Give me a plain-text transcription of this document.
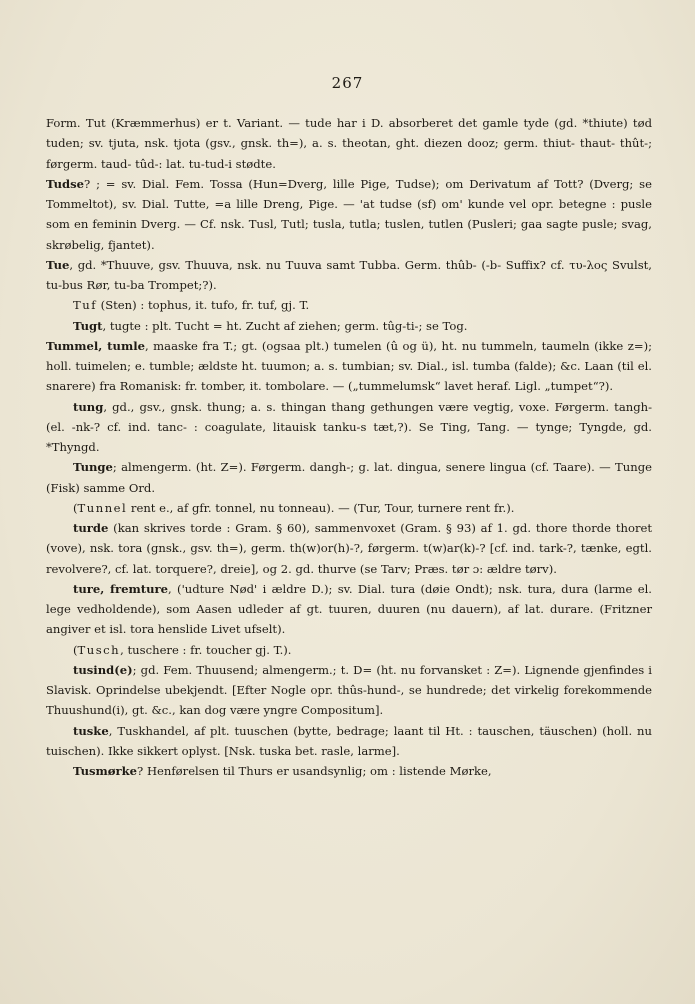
267

Form. Tut (Kræmmerhus) er t. Variant. — tude har i D. absorberet det gamle tyde (gd. *thiute) tød tuden; sv. tjuta, nsk. tjota (gsv., gnsk. th=), a. s. theotan, ght. diezen dooz; germ. thiut- thaut- thût-; førgerm. taud- tûd-: lat. tu-tud-i stødte.

Tudse? ; = sv. Dial. Fem. Tossa (Hun=Dverg, lille Pige, Tudse); om Derivatum af Tott? (Dverg; se Tommeltot), sv. Dial. Tutte, =a lille Dreng, Pige. — 'at tudse (sf) om' kunde vel opr. betegne : pusle som en feminin Dverg. — Cf. nsk. Tusl, Tutl; tusla, tutla; tuslen, tutlen (Pusleri; gaa sagte pusle; svag, skrøbelig, fjantet).

Tue, gd. *Thuuve, gsv. Thuuva, nsk. nu Tuuva samt Tubba. Germ. thûb- (-b- Suffix? cf. τυ-λος Svulst, tu-bus Rør, tu-ba Trompet;?).

Tuf (Sten) : tophus, it. tufo, fr. tuf, gj. T.

Tugt, tugte : plt. Tucht = ht. Zucht af ziehen; germ. tûg-ti-; se Tog.

Tummel, tumle, maaske fra T.; gt. (ogsaa plt.) tumelen (û og ü), ht. nu tummeln, taumeln (ikke z=); holl. tuimelen; e. tumble; ældste ht. tuumon; a. s. tumbian; sv. Dial., isl. tumba (falde); &c. Laan (til el. snarere) fra Romanisk: fr. tomber, it. tombolare. — („tummelumsk“ lavet heraf. Ligl. „tumpet“?).

tung, gd., gsv., gnsk. thung; a. s. thingan thang gethungen være vegtig, voxe. Førgerm. tangh- (el. -nk-? cf. ind. tanc- : coagulate, litauisk tanku-s tæt,?). Se Ting, Tang. — tynge; Tyngde, gd. *Thyngd.

Tunge; almengerm. (ht. Z=). Førgerm. dangh-; g. lat. dingua, senere lingua (cf. Taare). — Tunge (Fisk) samme Ord.

(Tunnel rent e., af gfr. tonnel, nu tonneau). — (Tur, Tour, turnere rent fr.).

turde (kan skrives torde : Gram. § 60), sammenvoxet (Gram. § 93) af 1. gd. thore thorde thoret (vove), nsk. tora (gnsk., gsv. th=), germ. th(w)or(h)-?, førgerm. t(w)ar(k)-? [cf. ind. tark-?, tænke, egtl. revolvere?, cf. lat. torquere?, dreie], og 2. gd. thurve (se Tarv; Præs. tør ɔ: ældre tørv).

ture, fremture, ('udture Nød' i ældre D.); sv. Dial. tura (døie Ondt); nsk. tura, dura (larme el. lege vedholdende), som Aasen udleder af gt. tuuren, duuren (nu dauern), af lat. durare. (Fritzner angiver et isl. tora henslide Livet ufselt).

(Tusch, tuschere : fr. toucher gj. T.).

tusind(e); gd. Fem. Thuusend; almengerm.; t. D= (ht. nu forvansket : Z=). Lignende gjenfindes i Slavisk. Oprindelse ubekjendt. [Efter Nogle opr. thûs-hund-, se hundrede; det virkelig forekommende Thuushund(i), gt. &c., kan dog være yngre Compositum].

tuske, Tuskhandel, af plt. tuuschen (bytte, bedrage; laant til Ht. : tauschen, täuschen) (holl. nu tuischen). Ikke sikkert oplyst. [Nsk. tuska bet. rasle, larme].

Tusmørke? Henførelsen til Thurs er usandsynlig; om : listende Mørke,
